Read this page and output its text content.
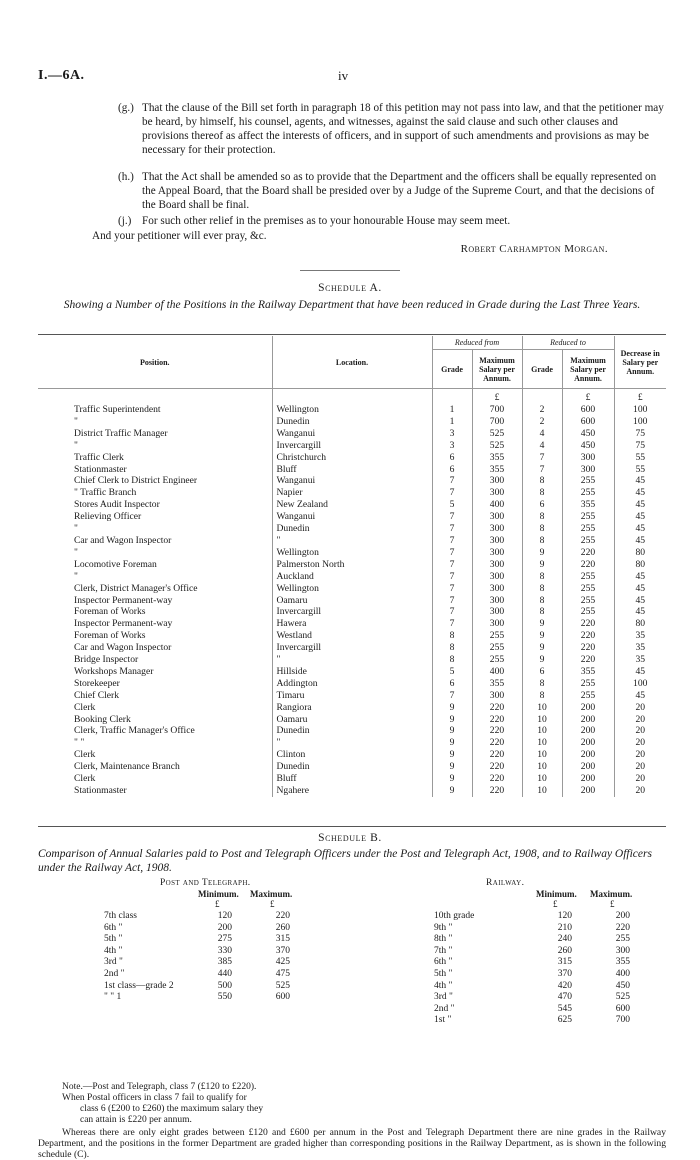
I.—6A.	iv
(g.) That the clause of the Bill set forth in paragraph 18 of this petition may not pass into law, and that the petitioner may be heard, by himself, his counsel, agents, and witnesses, against the said clause and such other clauses and provisions thereof as affect the interests of officers, and in support of such amendments and provisions as may be necessary for their protection.
(h.) That the Act shall be amended so as to provide that the Department and the officers shall be equally represented on the Appeal Board, that the Board shall be presided over by a Judge of the Supreme Court, and that the decisions of the Board shall be final.
(j.) For such other relief in the premises as to your honourable House may seem meet.
And your petitioner will ever pray, &c.
Robert Carhampton Morgan.
Schedule A.
Showing a Number of the Positions in the Railway Department that have been reduced in Grade during the Last Three Years.
Position.	Location.	Reduced from		Reduced to		Decrease in Salary per Annum.
		Grade	Maximum Salary per Annum.	Grade	Maximum Salary per Annum.	
			£		£	£
Traffic Superintendent	Wellington	1	700	2	600	100
"	Dunedin	1	700	2	600	100
District Traffic Manager	Wanganui	3	525	4	450	75
"	Invercargill	3	525	4	450	75
Traffic Clerk	Christchurch	6	355	7	300	55
Stationmaster	Bluff	6	355	7	300	55
Chief Clerk to District Engineer	Wanganui	7	300	8	255	45
" Traffic Branch	Napier	7	300	8	255	45
Stores Audit Inspector	New Zealand	5	400	6	355	45
Relieving Officer	Wanganui	7	300	8	255	45
"	Dunedin	7	300	8	255	45
Car and Wagon Inspector	"	7	300	8	255	45
"	Wellington	7	300	9	220	80
Locomotive Foreman	Palmerston North	7	300	9	220	80
"	Auckland	7	300	8	255	45
Clerk, District Manager's Office	Wellington	7	300	8	255	45
Inspector Permanent-way	Oamaru	7	300	8	255	45
Foreman of Works	Invercargill	7	300	8	255	45
Inspector Permanent-way	Hawera	7	300	9	220	80
Foreman of Works	Westland	8	255	9	220	35
Car and Wagon Inspector	Invercargill	8	255	9	220	35
Bridge Inspector	"	8	255	9	220	35
Workshops Manager	Hillside	5	400	6	355	45
Storekeeper	Addington	6	355	8	255	100
Chief Clerk	Timaru	7	300	8	255	45
Clerk	Rangiora	9	220	10	200	20
Booking Clerk	Oamaru	9	220	10	200	20
Clerk, Traffic Manager's Office	Dunedin	9	220	10	200	20
" "	"	9	220	10	200	20
Clerk	Clinton	9	220	10	200	20
Clerk, Maintenance Branch	Dunedin	9	220	10	200	20
Clerk	Bluff	9	220	10	200	20
Stationmaster	Ngahere	9	220	10	200	20
Schedule B.
Comparison of Annual Salaries paid to Post and Telegraph Officers under the Post and Telegraph Act, 1908, and to Railway Officers under the Railway Act, 1908.
Post and Telegraph.	Railway.
Minimum. Maximum.
£	£
Minimum. Maximum.
£	£
7th class	120	220
6th "	200	260
5th "	275	315
4th "	330	370
3rd "	385	425
2nd "	440	475
1st class—grade 2	500	525
" " 1	550	600
10th grade	120	200
9th "	210	220
8th "	240	255
7th "	260	300
6th "	315	355
5th "	370	400
4th "	420	450
3rd "	470	525
2nd "	545	600
1st "	625	700
Note.—Post and Telegraph, class 7 (£120 to £220).
When Postal officers in class 7 fail to qualify for
class 6 (£200 to £260) the maximum salary they
can attain is £220 per annum.
Whereas there are only eight grades between £120 and £600 per annum in the Post and Telegraph Department there are nine grades in the Railway Department, and the positions in the former Department are graded higher than corresponding positions in the Railway Department, as is shown in the following schedule (C).
